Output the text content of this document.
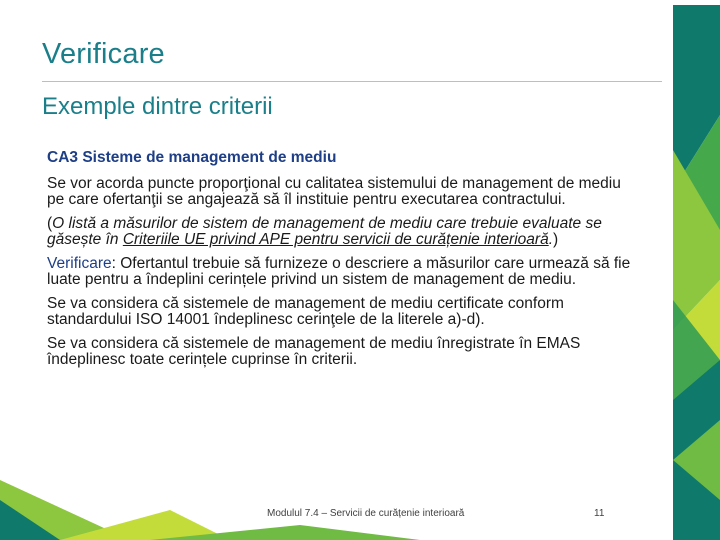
Verificare
Exemple dintre criterii

CA3 Sisteme de management de mediu

Se vor acorda puncte proporţional cu calitatea sistemului de management de mediu pe care ofertanţii se angajează să îl instituie pentru executarea contractului.

(O listă a măsurilor de sistem de management de mediu care trebuie evaluate se găsește în Criteriile UE privind APE pentru servicii de curățenie interioară.)

Verificare: Ofertantul trebuie să furnizeze o descriere a măsurilor care urmează să fie luate pentru a îndeplini cerințele privind un sistem de management de mediu.

Se va considera că sistemele de management de mediu certificate conform standardului ISO 14001 îndeplinesc cerinţele de la literele a)-d).

Se va considera că sistemele de management de mediu înregistrate în EMAS îndeplinesc toate cerințele cuprinse în criterii.

Modulul 7.4 – Servicii de curățenie interioară	11
